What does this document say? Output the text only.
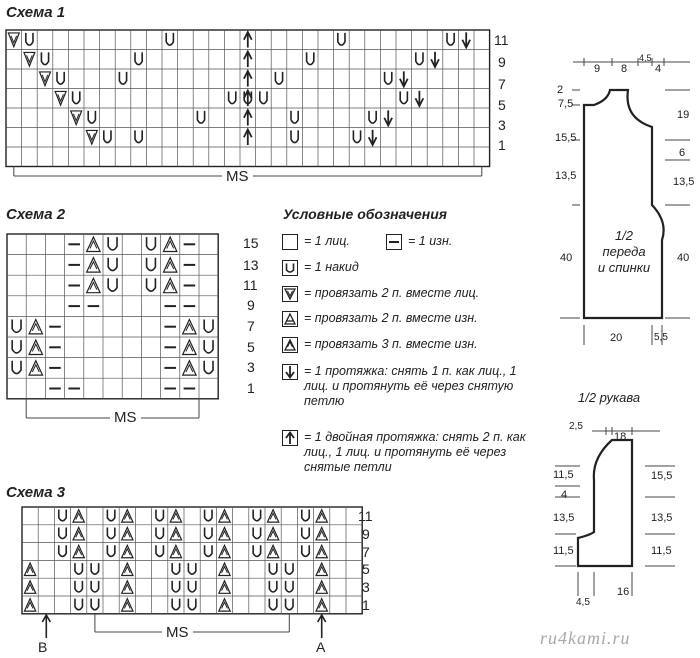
Схема 1
11
9
7
5
3
1
MS
Схема 2
15
13
11
9
7
5
3
1
MS
Схема 3
11
9
7
5
3
1
MS
B	A
Условные обозначения
= 1 лиц.	= 1 изн.
= 1 накид
= провязать 2 п. вместе лиц.
= провязать 2 п. вместе изн.
= провязать 3 п. вместе изн.
= 1 протяжка: снять 1 п. как лиц., 1 лиц. и протянуть её через снятую петлю
= 1 двойная протяжка: снять 2 п. как лиц., 1 лиц. и протянуть её через снятые петли
1/2
переда
и спинки
9 8
4,5
4
2
7,5
15,5
13,5
40
19
6
13,5
40
20	5,5
1/2 рукава
2,5
18
11,5
4
13,5
11,5
15,5
13,5
11,5
4,5
16
ru4kami.ru
